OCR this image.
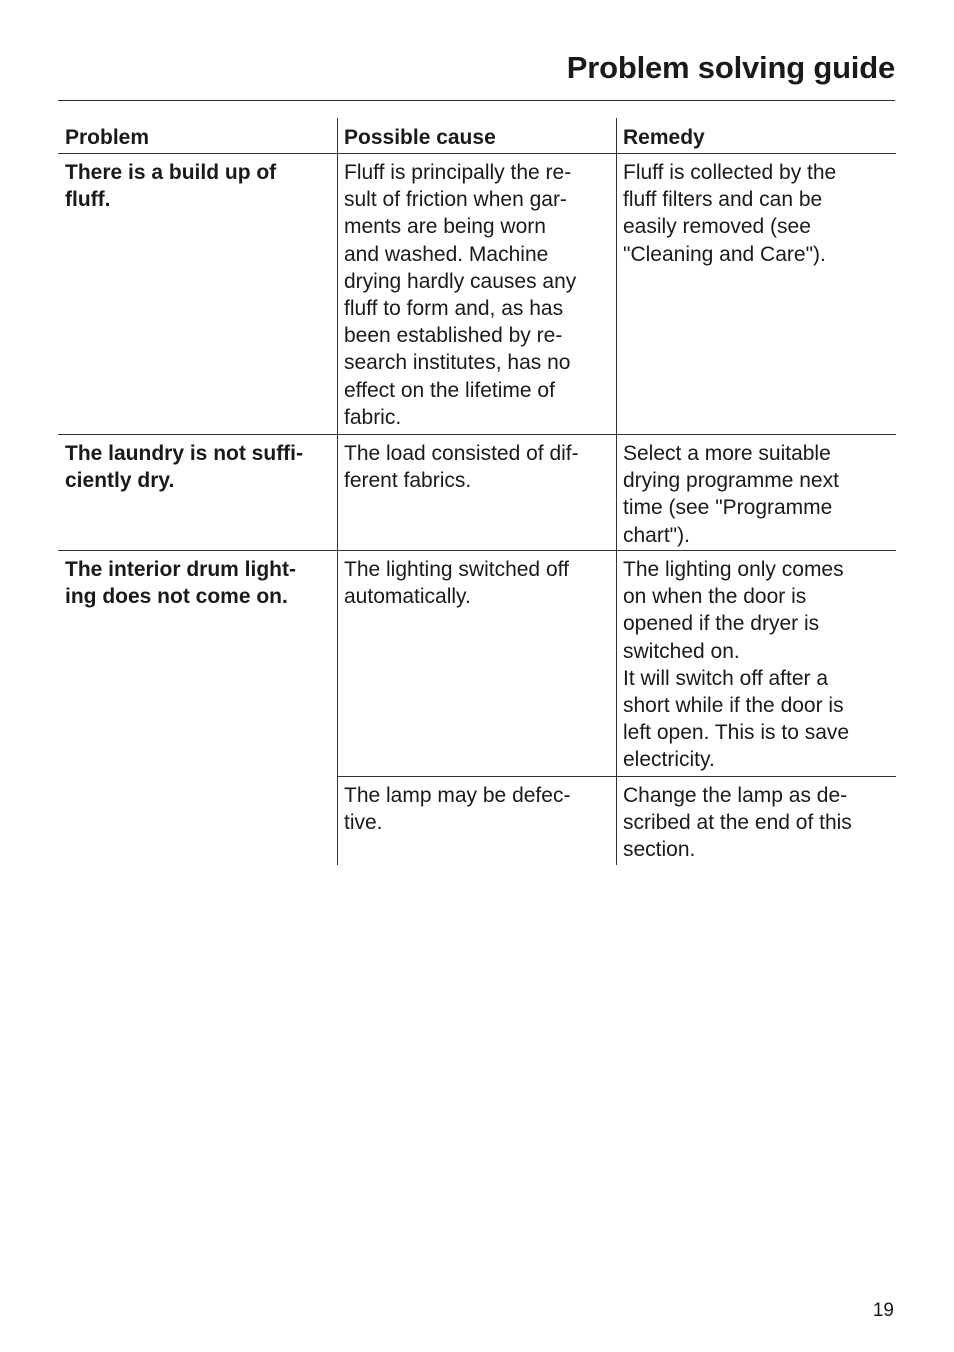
Problem solving guide
Problem	Possible cause	Remedy
There is a build up of
fluff.
Fluff is principally the re-
sult of friction when gar-
ments are being worn
and washed. Machine
drying hardly causes any
fluff to form and, as has
been established by re-
search institutes, has no
effect on the lifetime of
fabric.
Fluff is collected by the
fluff filters and can be
easily removed (see
"Cleaning and Care").
The laundry is not suffi-
ciently dry.
The load consisted of dif-
ferent fabrics.
Select a more suitable
drying programme next
time (see "Programme
chart").
The interior drum light-
ing does not come on.
The lighting switched off
automatically.
The lighting only comes
on when the door is
opened if the dryer is
switched on.
It will switch off after a
short while if the door is
left open. This is to save
electricity.
The lamp may be defec-
tive.
Change the lamp as de-
scribed at the end of this
section.

19
